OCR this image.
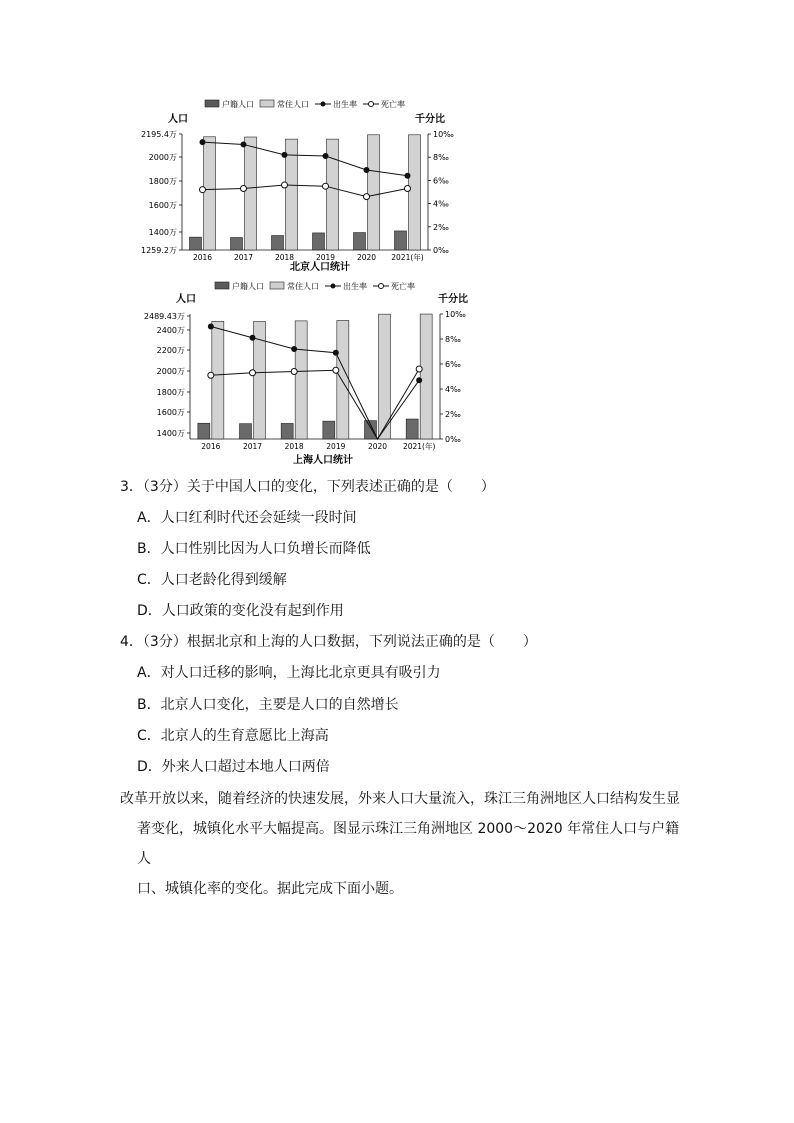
户籍人口	常住人口	出生率	死亡率
人口	千分比
2195.4万
2000万
1800万
1600万
1400万
1259.2万
10‰
8‰
6‰
4‰
2‰
0‰
2016	2017	2018	2019	2020 2021(年)
北京人口统计
户籍人口	常住人口	出生率	死亡率
人口	千分比
2489.43万
2400万
2200万
2000万
1800万
1600万
1400万
10‰
8‰
6‰
4‰
2‰
0‰
2016	2017	2018	2019	2020 2021(年)
上海人口统计
3．（3分）关于中国人口的变化，下列表述正确的是（　　）
A．人口红利时代还会延续一段时间
B．人口性别比因为人口负增长而降低
C．人口老龄化得到缓解
D．人口政策的变化没有起到作用
4．（3分）根据北京和上海的人口数据，下列说法正确的是（　　）
A．对人口迁移的影响，上海比北京更具有吸引力
B．北京人口变化，主要是人口的自然增长
C．北京人的生育意愿比上海高
D．外来人口超过本地人口两倍
改革开放以来，随着经济的快速发展，外来人口大量流入，珠江三角洲地区人口结构发生显
著变化，城镇化水平大幅提高。图显示珠江三角洲地区 2000～2020 年常住人口与户籍人
口、城镇化率的变化。据此完成下面小题。
